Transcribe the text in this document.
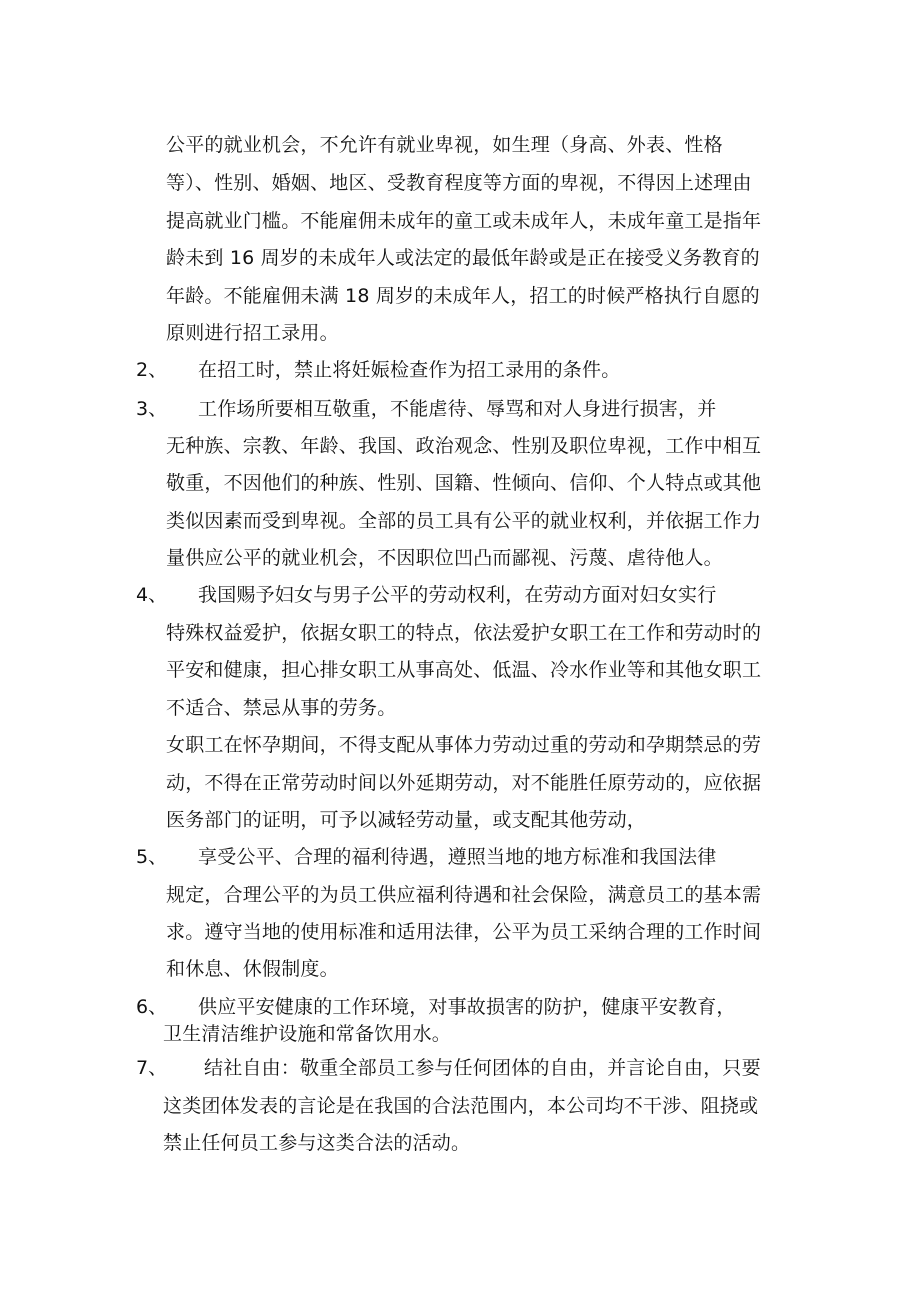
公平的就业机会，不允许有就业卑视，如生理（身高、外表、性格
等）、性别、婚姻、地区、受教育程度等方面的卑视，不得因上述理由
提高就业门槛。不能雇佣未成年的童工或未成年人，未成年童工是指年
龄未到 16 周岁的未成年人或法定的最低年龄或是正在接受义务教育的
年龄。不能雇佣未满 18 周岁的未成年人，招工的时候严格执行自愿的
原则进行招工录用。
2、 在招工时，禁止将妊娠检查作为招工录用的条件。
3、 工作场所要相互敬重，不能虐待、辱骂和对人身进行损害，并
无种族、宗教、年龄、我国、政治观念、性别及职位卑视，工作中相互
敬重，不因他们的种族、性别、国籍、性倾向、信仰、个人特点或其他
类似因素而受到卑视。全部的员工具有公平的就业权利，并依据工作力
量供应公平的就业机会，不因职位凹凸而鄙视、污蔑、虐待他人。
4、 我国赐予妇女与男子公平的劳动权利，在劳动方面对妇女实行
特殊权益爱护，依据女职工的特点，依法爱护女职工在工作和劳动时的
平安和健康，担心排女职工从事高处、低温、冷水作业等和其他女职工
不适合、禁忌从事的劳务。
女职工在怀孕期间，不得支配从事体力劳动过重的劳动和孕期禁忌的劳
动，不得在正常劳动时间以外延期劳动，对不能胜任原劳动的，应依据
医务部门的证明，可予以减轻劳动量，或支配其他劳动，
5、 享受公平、合理的福利待遇，遵照当地的地方标准和我国法律
规定，合理公平的为员工供应福利待遇和社会保险，满意员工的基本需
求。遵守当地的使用标准和适用法律，公平为员工采纳合理的工作时间
和休息、休假制度。
6、 供应平安健康的工作环境，对事故损害的防护，健康平安教育，
卫生清洁维护设施和常备饮用水。
7、 结社自由：敬重全部员工参与任何团体的自由，并言论自由，只要
这类团体发表的言论是在我国的合法范围内，本公司均不干涉、阻挠或
禁止任何员工参与这类合法的活动。
